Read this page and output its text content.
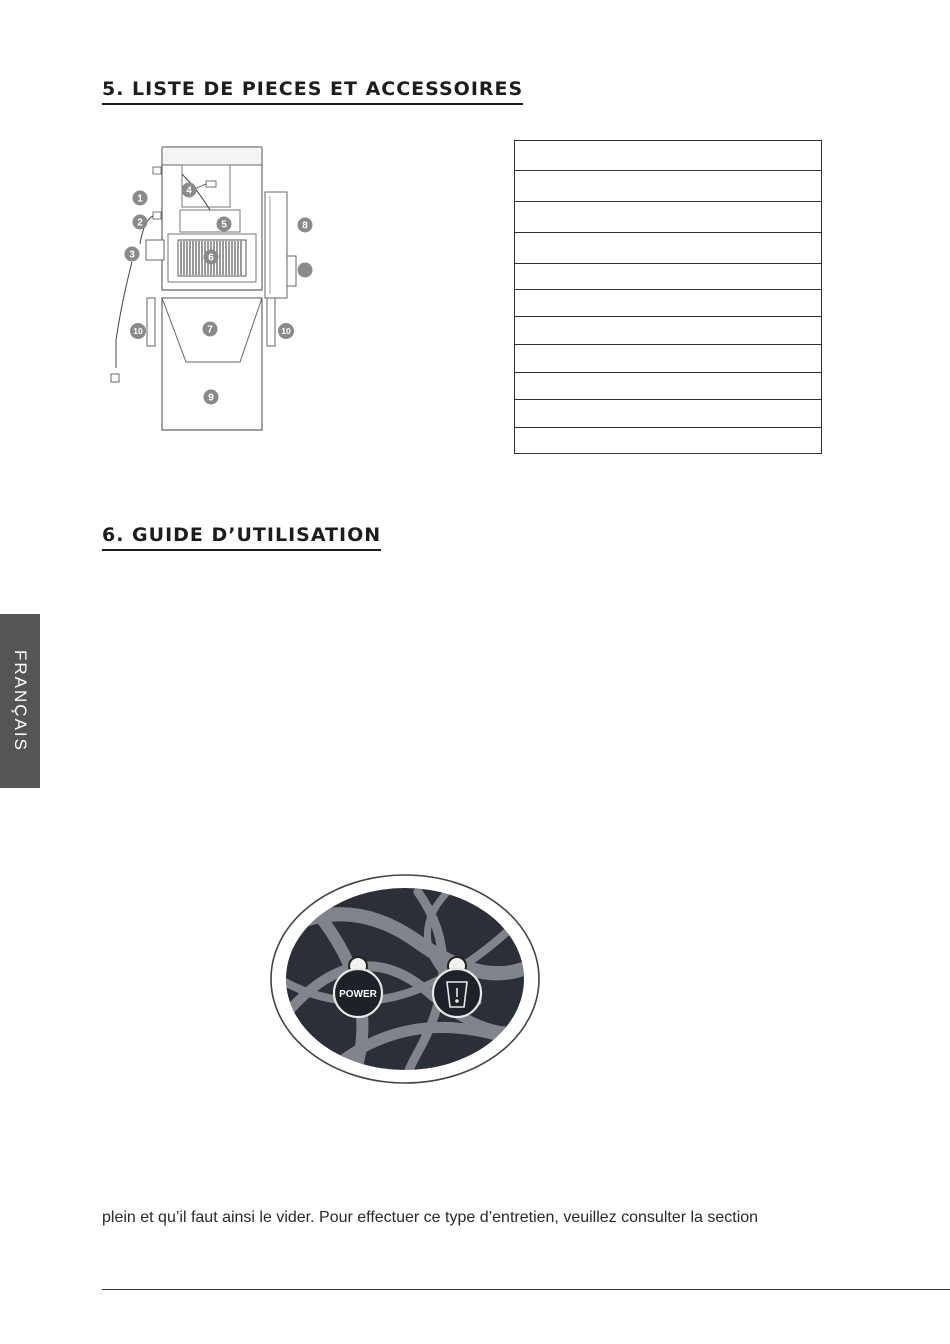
5. LISTE DE PIECES ET ACCESSOIRES
1
2
3
4
5
6
7
8
9
10	10

6. GUIDE D’UTILISATION
FRANÇAIS
POWER

plein et qu’il faut ainsi le vider. Pour effectuer ce type d’entretien, veuillez consulter la section
